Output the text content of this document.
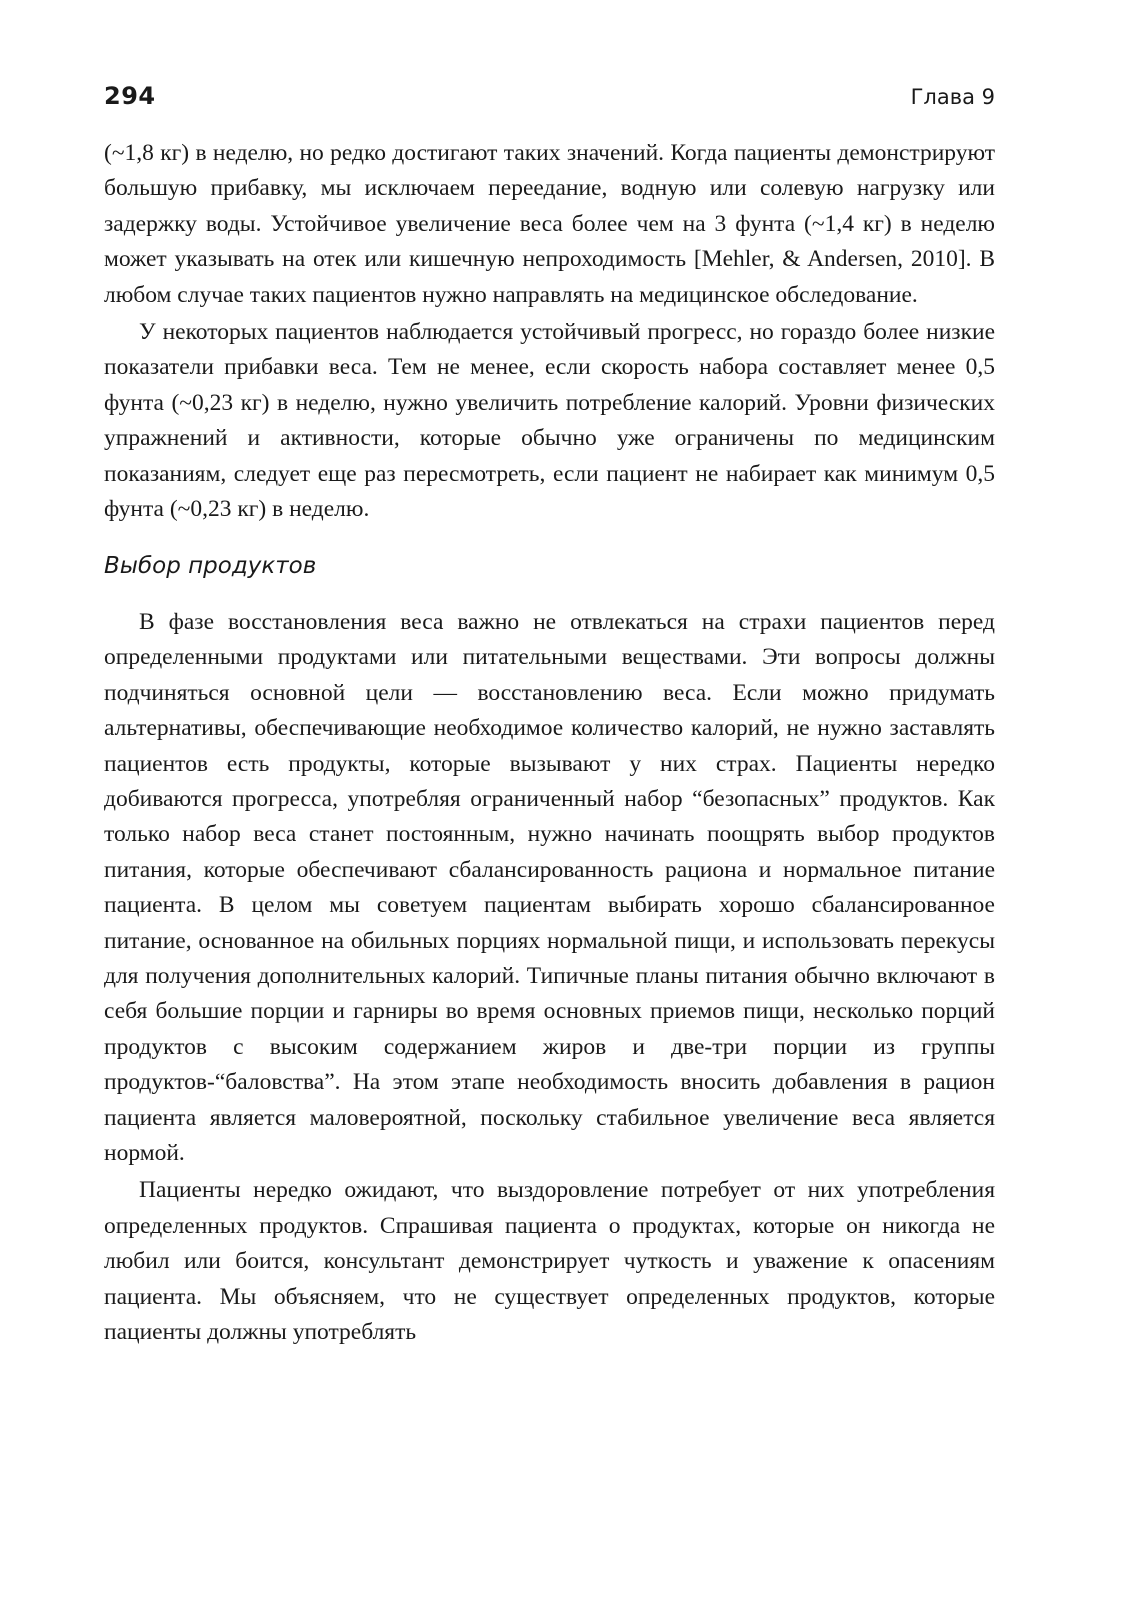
294	Глава 9

(~1,8 кг) в неделю, но редко достигают таких значений. Когда пациенты демонстрируют большую прибавку, мы исключаем переедание, водную или солевую нагрузку или задержку воды. Устойчивое увеличение веса более чем на 3 фунта (~1,4 кг) в неделю может указывать на отек или кишечную непроходимость [Mehler, & Andersen, 2010]. В любом случае таких пациентов нужно направлять на медицинское обследование.

У некоторых пациентов наблюдается устойчивый прогресс, но гораздо более низкие показатели прибавки веса. Тем не менее, если скорость набора составляет менее 0,5 фунта (~0,23 кг) в неделю, нужно увеличить потребление калорий. Уровни физических упражнений и активности, которые обычно уже ограничены по медицинским показаниям, следует еще раз пересмотреть, если пациент не набирает как минимум 0,5 фунта (~0,23 кг) в неделю.

Выбор продуктов

В фазе восстановления веса важно не отвлекаться на страхи пациентов перед определенными продуктами или питательными веществами. Эти вопросы должны подчиняться основной цели — восстановлению веса. Если можно придумать альтернативы, обеспечивающие необходимое количество калорий, не нужно заставлять пациентов есть продукты, которые вызывают у них страх. Пациенты нередко добиваются прогресса, употребляя ограниченный набор “безопасных” продуктов. Как только набор веса станет постоянным, нужно начинать поощрять выбор продуктов питания, которые обеспечивают сбалансированность рациона и нормальное питание пациента. В целом мы советуем пациентам выбирать хорошо сбалансированное питание, основанное на обильных порциях нормальной пищи, и использовать перекусы для получения дополнительных калорий. Типичные планы питания обычно включают в себя большие порции и гарниры во время основных приемов пищи, несколько порций продуктов с высоким содержанием жиров и две-три порции из группы продуктов-“баловства”. На этом этапе необходимость вносить добавления в рацион пациента является маловероятной, поскольку стабильное увеличение веса является нормой.

Пациенты нередко ожидают, что выздоровление потребует от них употребления определенных продуктов. Спрашивая пациента о продуктах, которые он никогда не любил или боится, консультант демонстрирует чуткость и уважение к опасениям пациента. Мы объясняем, что не существует определенных продуктов, которые пациенты должны употреблять
